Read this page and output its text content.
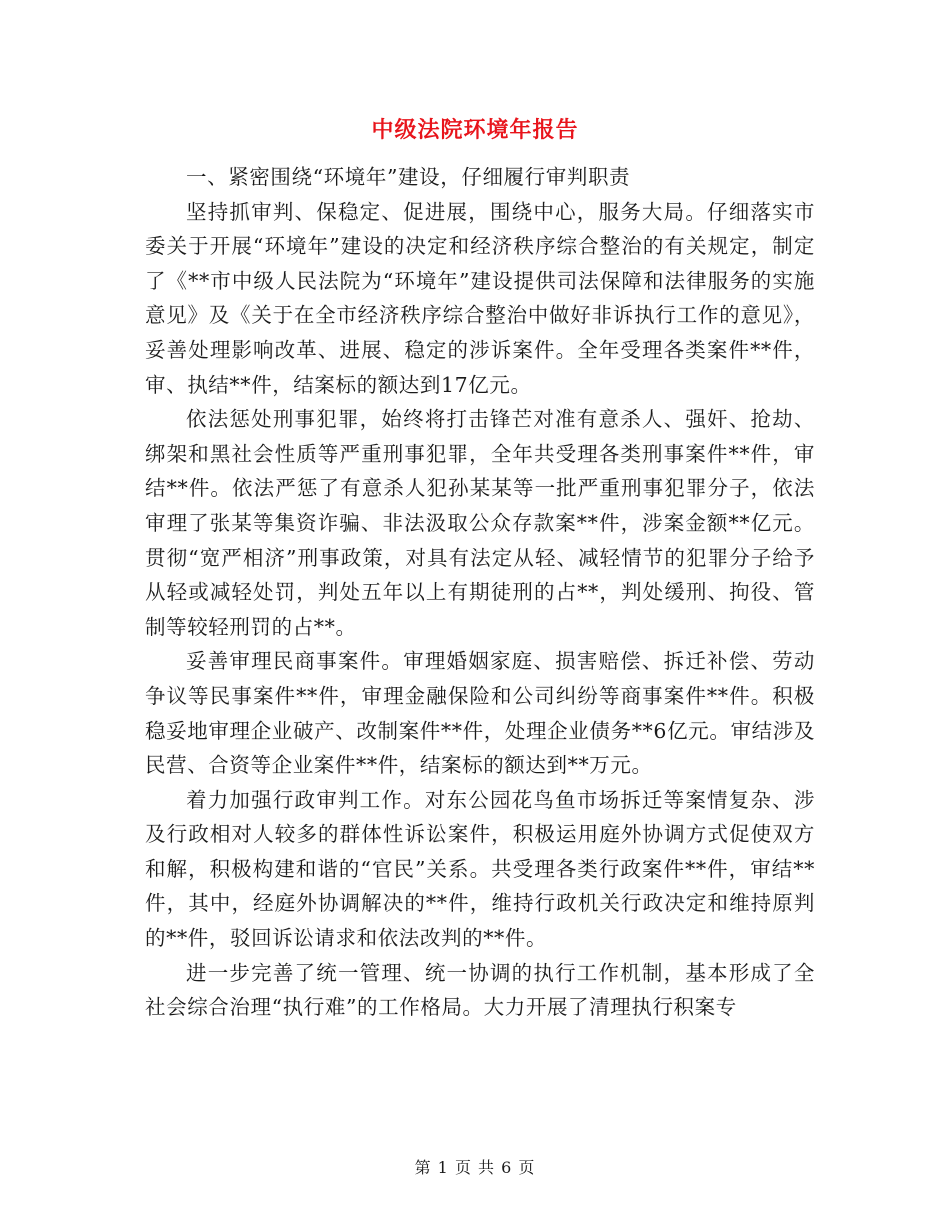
中级法院环境年报告

一、紧密围绕“环境年”建设，仔细履行审判职责

坚持抓审判、保稳定、促进展，围绕中心，服务大局。仔细落实市委关于开展“环境年”建设的决定和经济秩序综合整治的有关规定，制定了《**市中级人民法院为“环境年”建设提供司法保障和法律服务的实施意见》及《关于在全市经济秩序综合整治中做好非诉执行工作的意见》，妥善处理影响改革、进展、稳定的涉诉案件。全年受理各类案件**件，审、执结**件，结案标的额达到17亿元。

依法惩处刑事犯罪，始终将打击锋芒对准有意杀人、强奸、抢劫、绑架和黑社会性质等严重刑事犯罪，全年共受理各类刑事案件**件，审结**件。依法严惩了有意杀人犯孙某某等一批严重刑事犯罪分子，依法审理了张某等集资诈骗、非法汲取公众存款案**件，涉案金额**亿元。贯彻“宽严相济”刑事政策，对具有法定从轻、减轻情节的犯罪分子给予从轻或减轻处罚，判处五年以上有期徒刑的占**，判处缓刑、拘役、管制等较轻刑罚的占**。

妥善审理民商事案件。审理婚姻家庭、损害赔偿、拆迁补偿、劳动争议等民事案件**件，审理金融保险和公司纠纷等商事案件**件。积极稳妥地审理企业破产、改制案件**件，处理企业债务**6亿元。审结涉及民营、合资等企业案件**件，结案标的额达到**万元。

着力加强行政审判工作。对东公园花鸟鱼市场拆迁等案情复杂、涉及行政相对人较多的群体性诉讼案件，积极运用庭外协调方式促使双方和解，积极构建和谐的“官民”关系。共受理各类行政案件**件，审结**件，其中，经庭外协调解决的**件，维持行政机关行政决定和维持原判的**件，驳回诉讼请求和依法改判的**件。

进一步完善了统一管理、统一协调的执行工作机制，基本形成了全社会综合治理“执行难”的工作格局。大力开展了清理执行积案专

第 1 页 共 6 页
